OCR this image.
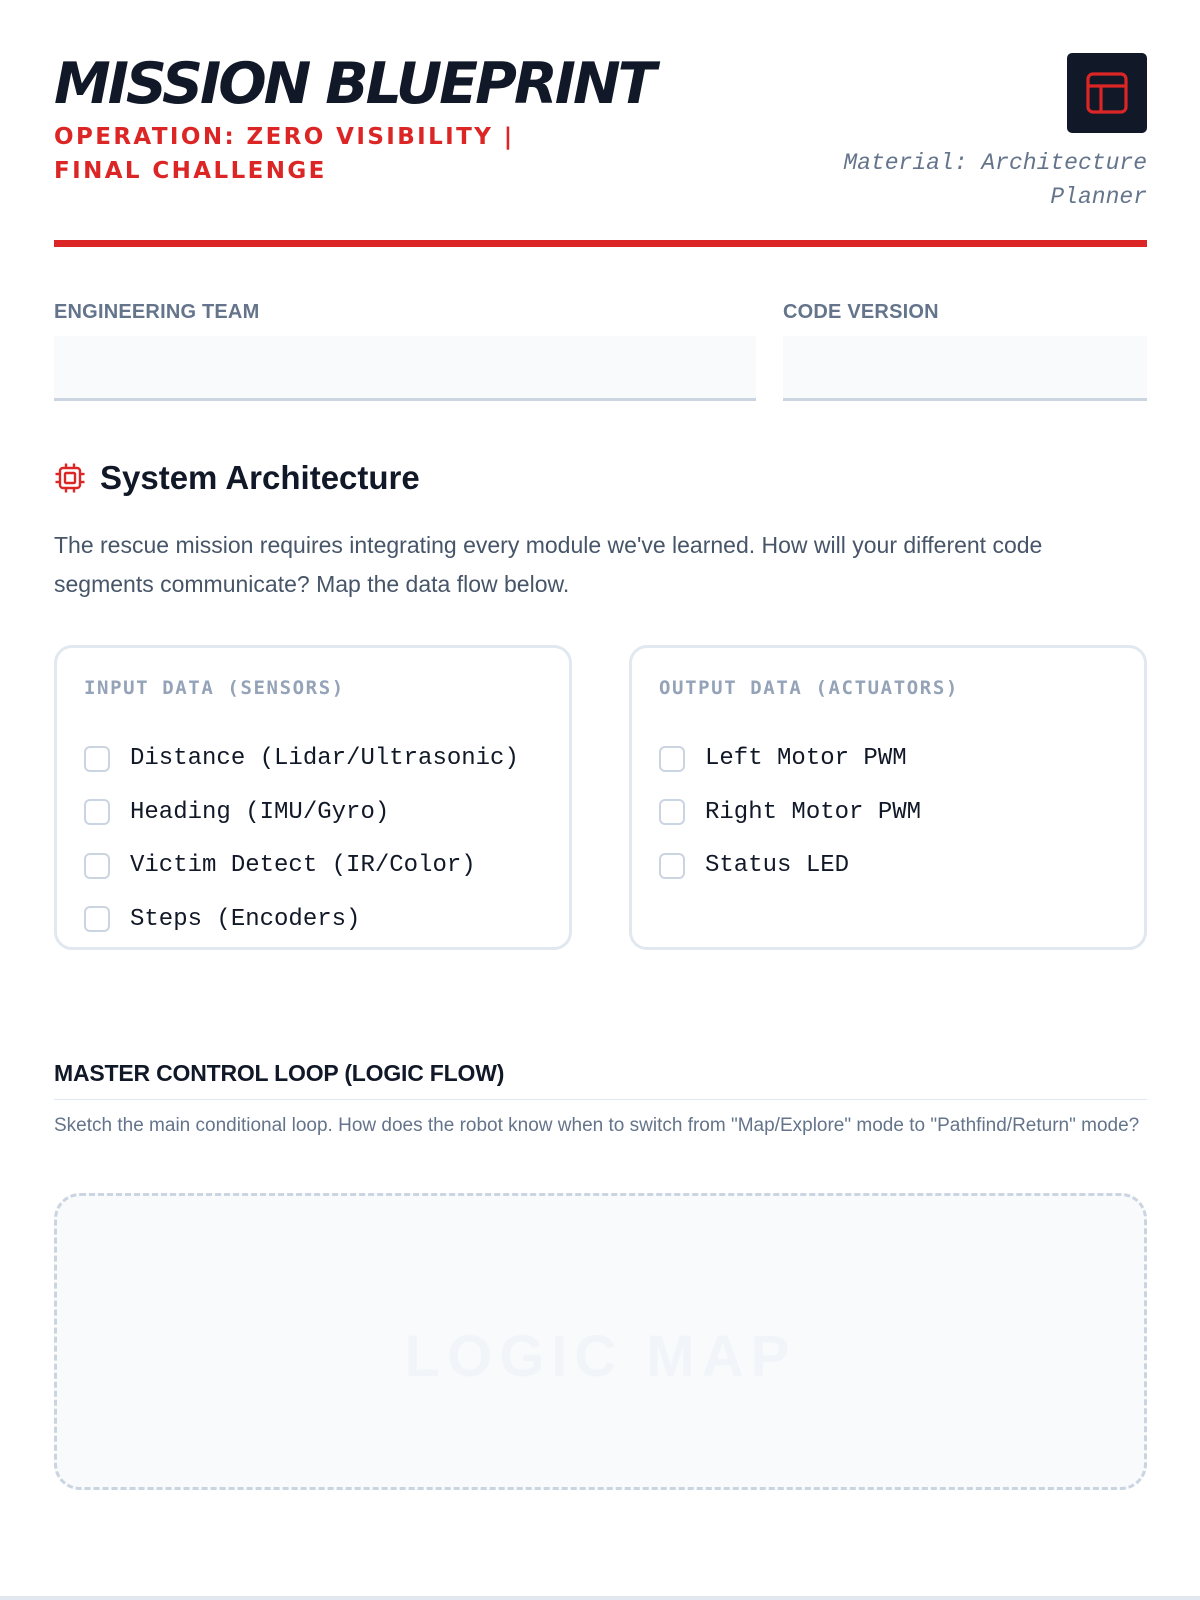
MISSION BLUEPRINT

OPERATION: ZERO VISIBILITY | FINAL CHALLENGE	Material: Architecture Planner
ENGINEERING TEAM	CODE VERSION
System Architecture

The rescue mission requires integrating every module we've learned. How will your different code segments communicate? Map the data flow below.

INPUT DATA (SENSORS)
Distance (Lidar/Ultrasonic)
Heading (IMU/Gyro)
Victim Detect (IR/Color)
Steps (Encoders)
OUTPUT DATA (ACTUATORS)
Left Motor PWM
Right Motor PWM
Status LED
MASTER CONTROL LOOP (LOGIC FLOW)

Sketch the main conditional loop. How does the robot know when to switch from "Map/Explore" mode to "Pathfind/Return" mode?

LOGIC MAP
